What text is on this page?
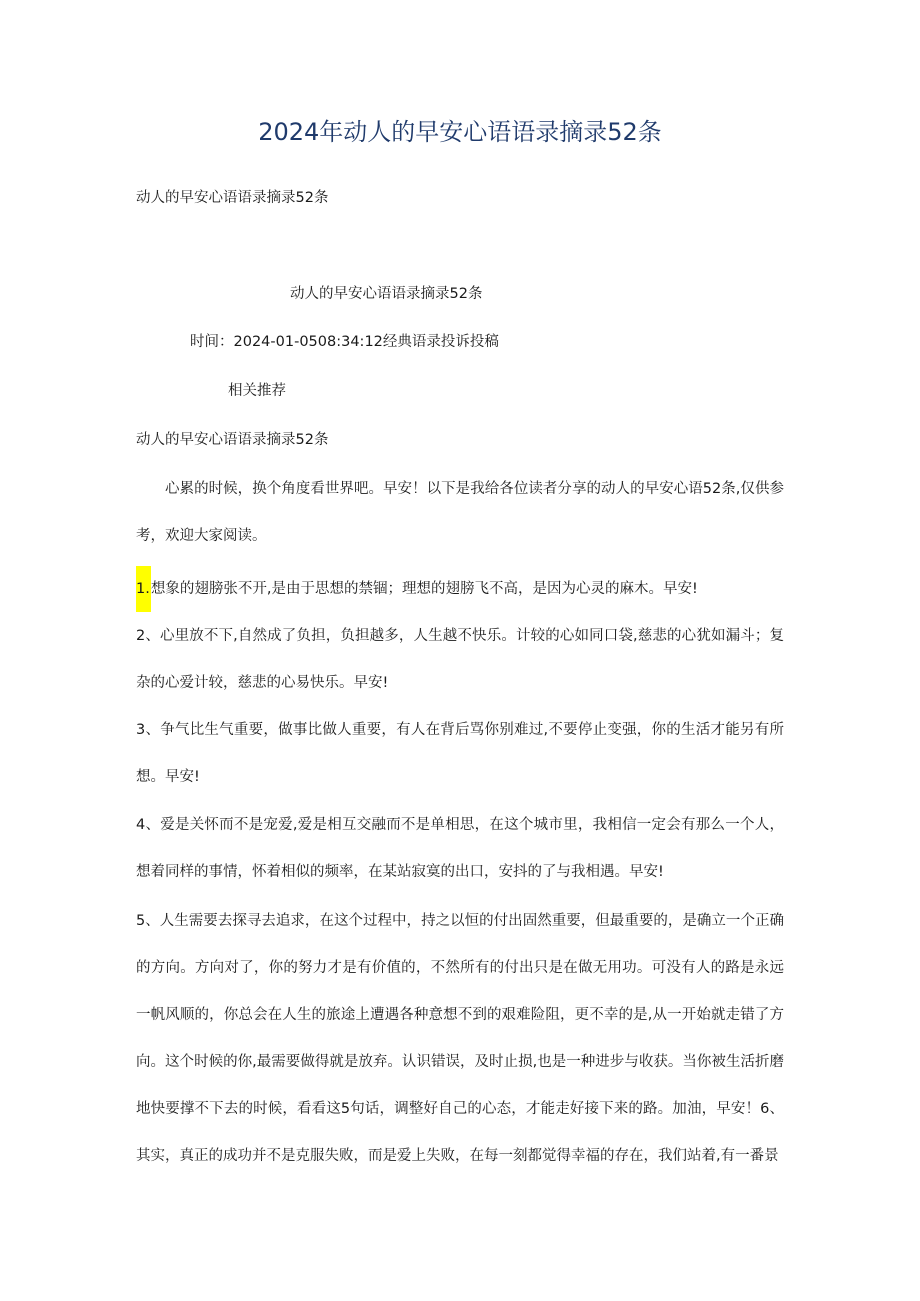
2024年动人的早安心语语录摘录52条
动人的早安心语语录摘录52条
动人的早安心语语录摘录52条
时间：2024-01-0508:34:12经典语录投诉投稿
相关推荐
动人的早安心语语录摘录52条

心累的时候，换个角度看世界吧。早安！以下是我给各位读者分享的动人的早安心语52条,仅供参考，欢迎大家阅读。

1.想象的翅膀张不开,是由于思想的禁锢；理想的翅膀飞不高，是因为心灵的麻木。早安!

2、心里放不下,自然成了负担，负担越多，人生越不快乐。计较的心如同口袋,慈悲的心犹如漏斗；复杂的心爱计较，慈悲的心易快乐。早安!

3、争气比生气重要，做事比做人重要，有人在背后骂你别难过,不要停止变强，你的生活才能另有所想。早安!

4、爱是关怀而不是宠爱,爱是相互交融而不是单相思，在这个城市里，我相信一定会有那么一个人，想着同样的事情，怀着相似的频率，在某站寂寞的出口，安抖的了与我相遇。早安!

5、人生需要去探寻去追求，在这个过程中，持之以恒的付出固然重要，但最重要的，是确立一个正确的方向。方向对了，你的努力才是有价值的，不然所有的付出只是在做无用功。可没有人的路是永远一帆风顺的，你总会在人生的旅途上遭遇各种意想不到的艰难险阻，更不幸的是,从一开始就走错了方向。这个时候的你,最需要做得就是放弃。认识错误，及时止损,也是一种进步与收获。当你被生活折磨地快要撑不下去的时候，看看这5句话，调整好自己的心态，才能走好接下来的路。加油，早安！6、其实，真正的成功并不是克服失败，而是爱上失败，在每一刻都觉得幸福的存在，我们站着,有一番景
